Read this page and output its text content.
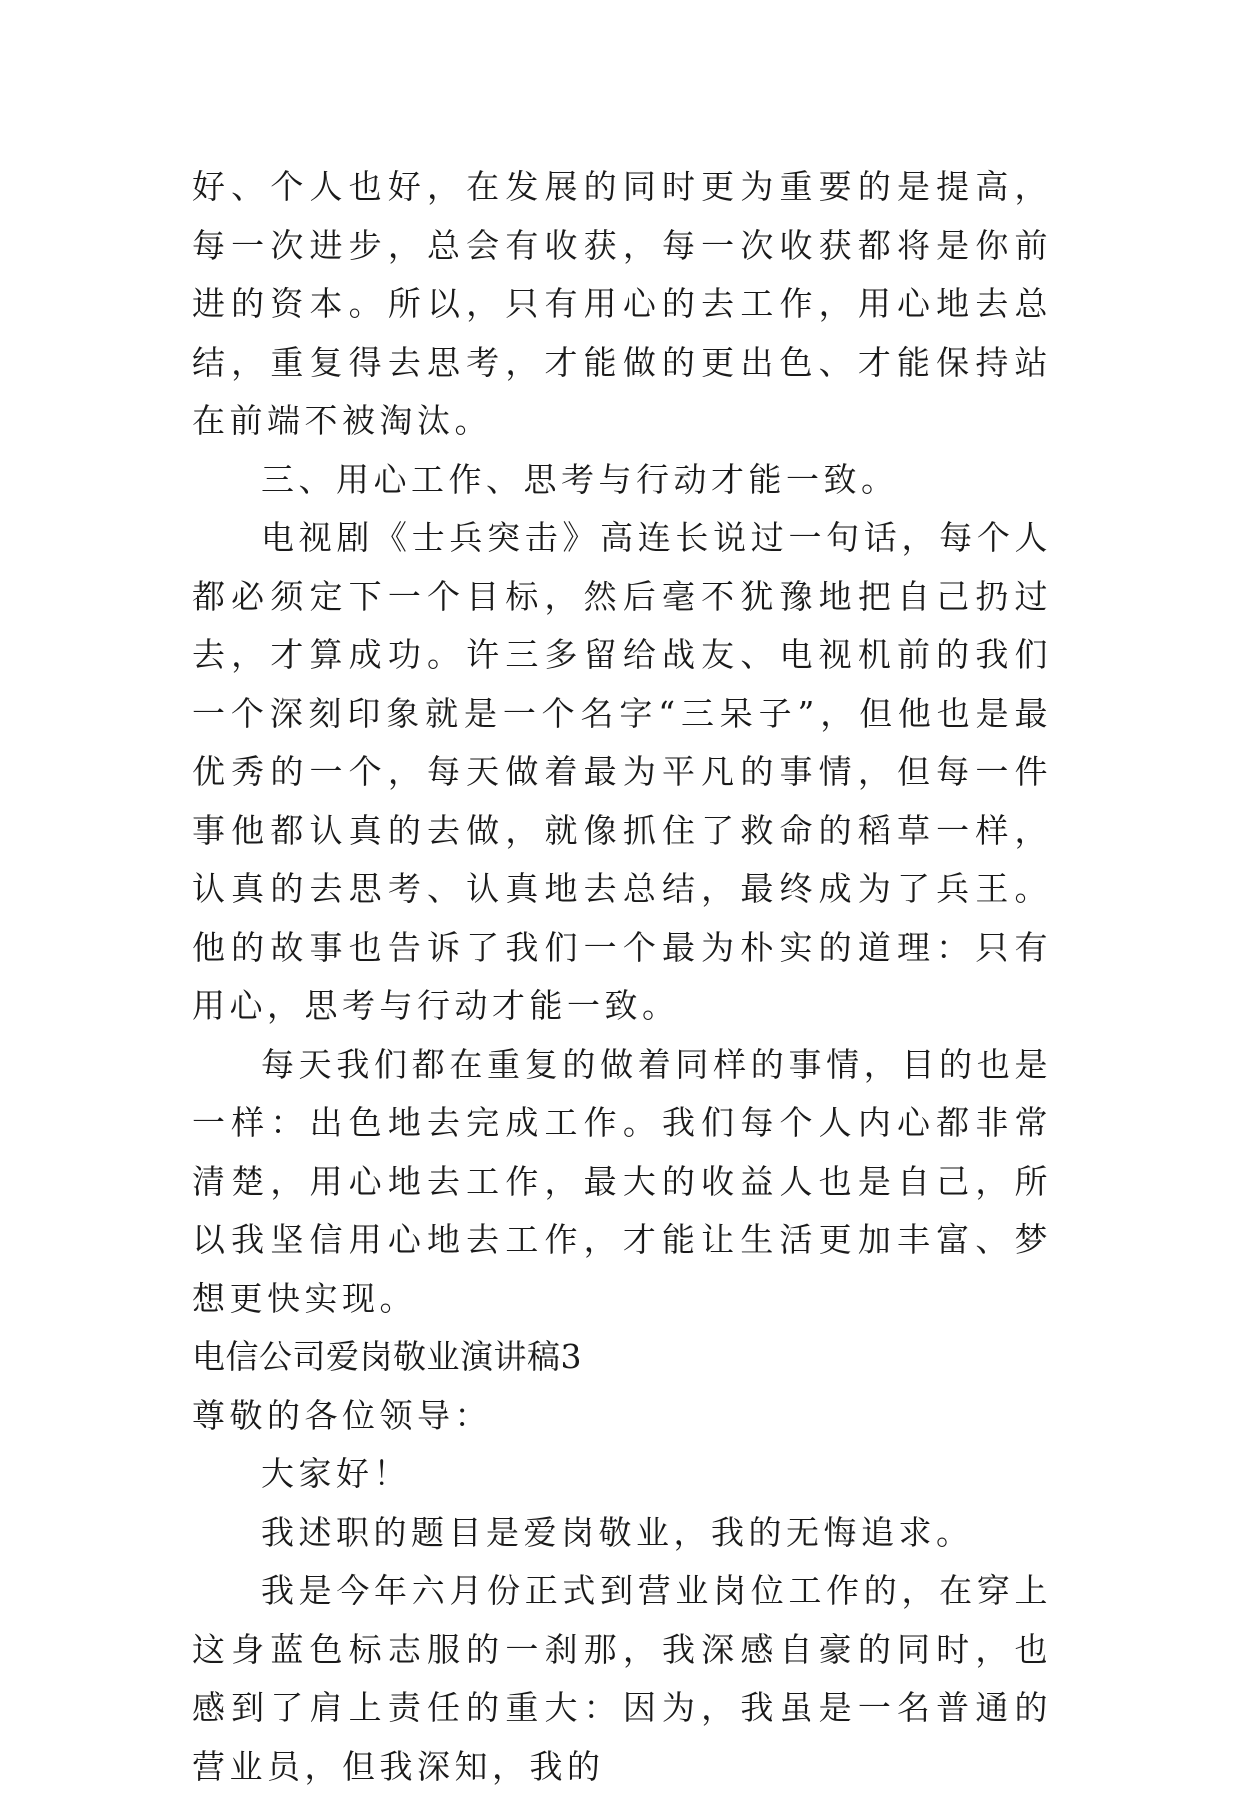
好、个人也好，在发展的同时更为重要的是提高，每一次进步，总会有收获，每一次收获都将是你前进的资本。所以，只有用心的去工作，用心地去总结，重复得去思考，才能做的更出色、才能保持站在前端不被淘汰。

三、用心工作、思考与行动才能一致。

电视剧《士兵突击》高连长说过一句话，每个人都必须定下一个目标，然后毫不犹豫地把自己扔过去，才算成功。许三多留给战友、电视机前的我们一个深刻印象就是一个名字“三呆子”，但他也是最优秀的一个，每天做着最为平凡的事情，但每一件事他都认真的去做，就像抓住了救命的稻草一样，认真的去思考、认真地去总结，最终成为了兵王。他的故事也告诉了我们一个最为朴实的道理：只有用心，思考与行动才能一致。

每天我们都在重复的做着同样的事情，目的也是一样：出色地去完成工作。我们每个人内心都非常清楚，用心地去工作，最大的收益人也是自己，所以我坚信用心地去工作，才能让生活更加丰富、梦想更快实现。

电信公司爱岗敬业演讲稿3

尊敬的各位领导：

大家好！

我述职的题目是爱岗敬业，我的无悔追求。

我是今年六月份正式到营业岗位工作的，在穿上这身蓝色标志服的一刹那，我深感自豪的同时，也感到了肩上责任的重大：因为，我虽是一名普通的营业员，但我深知，我的
